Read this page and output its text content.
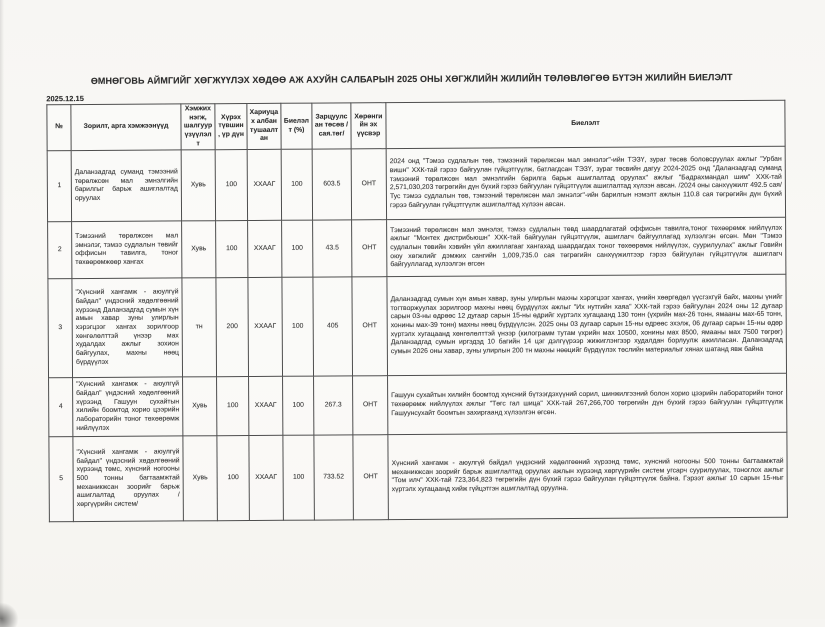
ӨМНӨГОВЬ АЙМГИЙГ ХӨГЖҮҮЛЭХ ХӨДӨӨ АЖ АХУЙН САЛБАРЫН 2025 ОНЫ ХӨГЖЛИЙН ЖИЛИЙН ТӨЛӨВЛӨГӨӨ БҮТЭН ЖИЛИЙН БИЕЛЭЛТ
2025.12.15
№	Зорилт, арга хэмжээнүүд	Хэмжих нэгж, шалгуур үзүүлэлт	Хүрэх түвшин, үр дүн	Хариуцах албан тушаалтан	Биелэлт (%)	Зарцуулсан төсөв /сая.төг/	Хөрөнгийн эх үүсвэр	Биелэлт
1	Даланзадгад суманд тэмээний төрөлжсөн мал эмнэлгийн барилгыг барьж ашиглалтад оруулах	Хувь	100	ХХААГ	100	603.5	ОНТ	2024 онд "Тэмээ судлалын төв, тэмээний төрөлжсөн мал эмнэлэг"-ийн ТЭЗҮ, зураг төсөв боловсруулах ажлыг "Урбан вишн" ХХК-тай гэрээ байгуулан гүйцэтгүүлж, батлагдсан ТЭЗҮ, зураг төсвийн дагуу 2024-2025 онд "Даланзадгад суманд тэмээний төрөлжсөн мал эмнэлгийн барилга барьж ашиглалтад оруулах" ажлыг "Бадрахмандал шим" ХХК-тай 2,571,030,203 төгрөгийн дүн бүхий гэрээ байгуулан гүйцэтгүүлж ашиглалтад хүлээн авсан. /2024 оны санхүүжилт 492.5 сая/ Тус тэмээ судлалын төв, тэмээний төрөлжсөн мал эмнэлэг"-ийн барилгын нэмэлт ажлын 110.8 сая төгрөгийн дүн бүхий гэрээ байгуулан гүйцэтгүүлж ашиглалтад хүлээн авсан.
2	Тэмээний төрөлжсөн мал эмнэлэг, тэмээ судлалын төвийг оффисын тавилга, тоног төхөөрөмжөөр хангах	Хувь	100	ХХААГ	100	43.5	ОНТ	Тэмээний төрөлжсөн мал эмнэлэг, тэмээ судлалын төвд шаардлагатай оффисын тавилга,тоног төхөөрөмж нийлүүлэх ажлыг "Монтех дистрибьюшн" ХХК-тай байгуулан гүйцэтгүүлж, ашиглагч байгууллагад хүлээлгэн өгсөн. Мөн "Тэмээ судлалын төвийн хэвийн үйл ажиллагааг хангахад шаардагдах тоног төхөөрөмж нийлүүлэх, суурилуулах" ажлыг Говийн оюу хөгжлийг дэмжих сангийн 1,009,735.0 сая төгрөгийн санхүүжилтээр гэрээ байгуулан гүйцэтгүүлж ашиглагч байгууллагад хүлээлгэн өгсөн
3	"Хүнсний хангамж - аюулгүй байдал" үндэсний хөдөлгөөний хүрээнд Даланзадгад сумын хүн амын хавар зуны улирлын хэрэгцээг хангах зорилгоор хөнгөлөлттэй үнээр мах худалдах ажлыг зохион байгуулах, махны нөөц бүрдүүлэх	тн	200	ХХААГ	100	405	ОНТ	Даланзадгад сумын хүн амын хавар, зуны улирлын махны хэрэгцээг хангах, үнийн хөөргөдөл үүсгэхгүй байх, махны үнийг тогтворжуулах зорилгоор махны нөөц бүрдүүлэх ажлыг "Их нутгийн хаяа" ХХК-тай гэрээ байгуулан 2024 оны 12 дугаар сарын 03-ны өдрөөс 12 дугаар сарын 15-ны өдрийг хүртэлх хугацаанд 130 тонн (үхрийн мах-26 тонн, ямааны мах-65 тонн, хонины мах-39 тонн) махны нөөц бүрдүүлсэн. 2025 оны 03 дугаар сарын 15-ны өдрөөс эхэлж, 06 дугаар сарын 15-ны өдөр хүртэлх хугацаанд хөнгөлөлттэй үнээр (килограмм тутам үхрийн мах 10500, хонины мах 8500, ямааны мах 7500 төгрөг) Даланзадгад сумын иргэдэд 10 багийн 14 цэг дэлгүүрээр жижиглэнгээр худалдан борлуулж ажилласан. Даланзадгад сумын 2026 оны хавар, зуны улирлын 200 тн махны нөөцийг бүрдүүлэх төслийн материалыг хянах шатанд явж байна
4	"Хүнсний хангамж - аюулгүй байдал" үндэсний хөдөлгөөний хүрээнд Гашуун сухайтын хилийн боомтод хорио цээрийн лабораторийн тоног төхөөрөмж нийлүүлэх	Хувь	100	ХХААГ	100	267.3	ОНТ	Гашуун сухайтын хилийн боомтод хүнсний бүтээгдэхүүний сорил, шинжилгээний болон хорио цээрийн лабораторийн тоног төхөөрөмж нийлүүлэх ажлыг "Төгс гал шица" ХХК-тай 267,266,700 төгрөгийн дүн бүхий гэрээ байгуулан гүйцэтгүүлж Гашуунсухайт боомтын захиргаанд хүлээлгэн өгсөн.
5	"Хүнсний хангамж - аюулгүй байдал" үндэсний хөдөлгөөний хүрээнд төмс, хүнсний ногооны 500 тонны багтаамжтай механикжсан зоорийг барьж ашиглалтад оруулах /хөргүүрийн систем/	Хувь	100	ХХААГ	100	733.52	ОНТ	Хүнсний хангамж - аюулгүй байдал үндэсний хөдөлгөөний хүрээнд төмс, хүнсний ногооны 500 тонны багтаамжтай механикжсан зоорийг барьж ашиглалтад оруулах ажлын хүрээнд хөргүүрийн систем угсарч суурилуулах, тоноглох ажлыг "Том илч" ХХК-тай 723,364,823 төгрөгийн дүн бүхий гэрээ байгуулан гүйцэтгүүлж байна. Гэрээт ажлыг 10 сарын 15-ныг хүртэлх хугацаанд хийж гүйцэтгэн ашиглалтад оруулна.
